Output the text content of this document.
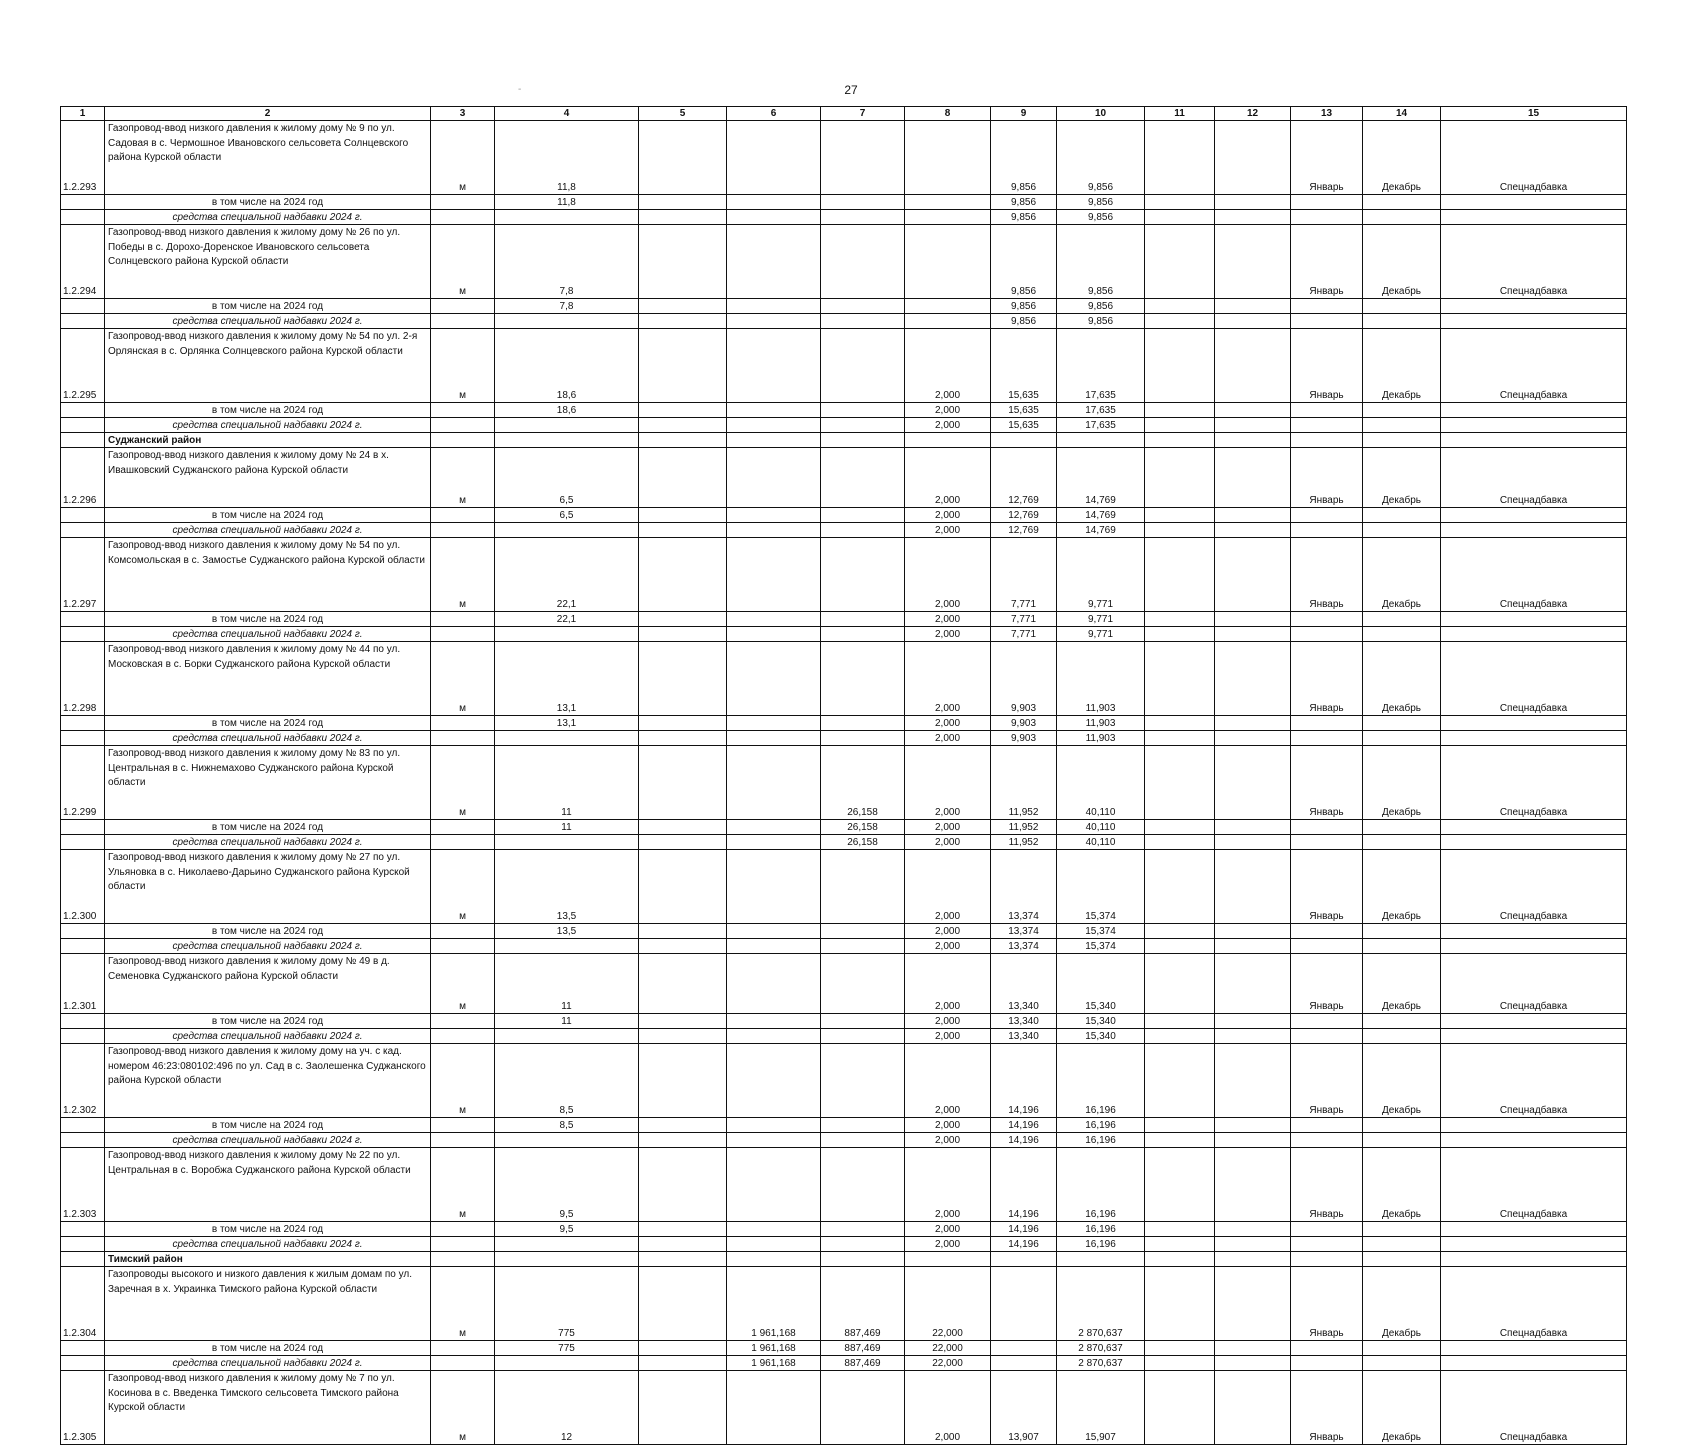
27
-
1	2	3	4	5	6	7	8	9	10	11	12	13	14	15
1.2.293	Газопровод-ввод низкого давления к жилому дому № 9 по ул. Садовая в с. Чермошное Ивановского сельсовета Солнцевского района Курской области	м	11,8					9,856	9,856			Январь	Декабрь	Спецнадбавка
	в том числе на 2024 год		11,8					9,856	9,856					
	средства специальной надбавки 2024 г.							9,856	9,856					
1.2.294	Газопровод-ввод низкого давления к жилому дому № 26 по ул. Победы в с. Дорохо-Доренское Ивановского сельсовета Солнцевского района Курской области	м	7,8					9,856	9,856			Январь	Декабрь	Спецнадбавка
	в том числе на 2024 год		7,8					9,856	9,856					
	средства специальной надбавки 2024 г.							9,856	9,856					
1.2.295	Газопровод-ввод низкого давления к жилому дому № 54 по ул. 2-я Орлянская в с. Орлянка Солнцевского района Курской области	м	18,6				2,000	15,635	17,635			Январь	Декабрь	Спецнадбавка
	в том числе на 2024 год		18,6				2,000	15,635	17,635					
	средства специальной надбавки 2024 г.						2,000	15,635	17,635					
	Суджанский район													
1.2.296	Газопровод-ввод низкого давления к жилому дому № 24 в х. Ивашковский Суджанского района Курской области	м	6,5				2,000	12,769	14,769			Январь	Декабрь	Спецнадбавка
	в том числе на 2024 год		6,5				2,000	12,769	14,769					
	средства специальной надбавки 2024 г.						2,000	12,769	14,769					
1.2.297	Газопровод-ввод низкого давления к жилому дому № 54 по ул. Комсомольская в с. Замостье Суджанского района Курской области	м	22,1				2,000	7,771	9,771			Январь	Декабрь	Спецнадбавка
	в том числе на 2024 год		22,1				2,000	7,771	9,771					
	средства специальной надбавки 2024 г.						2,000	7,771	9,771					
1.2.298	Газопровод-ввод низкого давления к жилому дому № 44 по ул. Московская в с. Борки Суджанского района Курской области	м	13,1				2,000	9,903	11,903			Январь	Декабрь	Спецнадбавка
	в том числе на 2024 год		13,1				2,000	9,903	11,903					
	средства специальной надбавки 2024 г.						2,000	9,903	11,903					
1.2.299	Газопровод-ввод низкого давления к жилому дому № 83 по ул. Центральная в с. Нижнемахово Суджанского района Курской области	м	11			26,158	2,000	11,952	40,110			Январь	Декабрь	Спецнадбавка
	в том числе на 2024 год		11			26,158	2,000	11,952	40,110					
	средства специальной надбавки 2024 г.					26,158	2,000	11,952	40,110					
1.2.300	Газопровод-ввод низкого давления к жилому дому № 27 по ул. Ульяновка в с. Николаево-Дарьино Суджанского района Курской области	м	13,5				2,000	13,374	15,374			Январь	Декабрь	Спецнадбавка
	в том числе на 2024 год		13,5				2,000	13,374	15,374					
	средства специальной надбавки 2024 г.						2,000	13,374	15,374					
1.2.301	Газопровод-ввод низкого давления к жилому дому № 49 в д. Семеновка Суджанского района Курской области	м	11				2,000	13,340	15,340			Январь	Декабрь	Спецнадбавка
	в том числе на 2024 год		11				2,000	13,340	15,340					
	средства специальной надбавки 2024 г.						2,000	13,340	15,340					
1.2.302	Газопровод-ввод низкого давления к жилому дому на уч. с кад. номером 46:23:080102:496 по ул. Сад в с. Заолешенка Суджанского района Курской области	м	8,5				2,000	14,196	16,196			Январь	Декабрь	Спецнадбавка
	в том числе на 2024 год		8,5				2,000	14,196	16,196					
	средства специальной надбавки 2024 г.						2,000	14,196	16,196					
1.2.303	Газопровод-ввод низкого давления к жилому дому № 22 по ул. Центральная в с. Воробжа Суджанского района Курской области	м	9,5				2,000	14,196	16,196			Январь	Декабрь	Спецнадбавка
	в том числе на 2024 год		9,5				2,000	14,196	16,196					
	средства специальной надбавки 2024 г.						2,000	14,196	16,196					
	Тимский район													
1.2.304	Газопроводы высокого и низкого давления к жилым домам по ул. Заречная в х. Украинка Тимского района Курской области	м	775		1 961,168	887,469	22,000		2 870,637			Январь	Декабрь	Спецнадбавка
	в том числе на 2024 год		775		1 961,168	887,469	22,000		2 870,637					
	средства специальной надбавки 2024 г.				1 961,168	887,469	22,000		2 870,637					
1.2.305	Газопровод-ввод низкого давления к жилому дому № 7 по ул. Косинова в с. Введенка Тимского сельсовета Тимского района Курской области	м	12				2,000	13,907	15,907			Январь	Декабрь	Спецнадбавка
